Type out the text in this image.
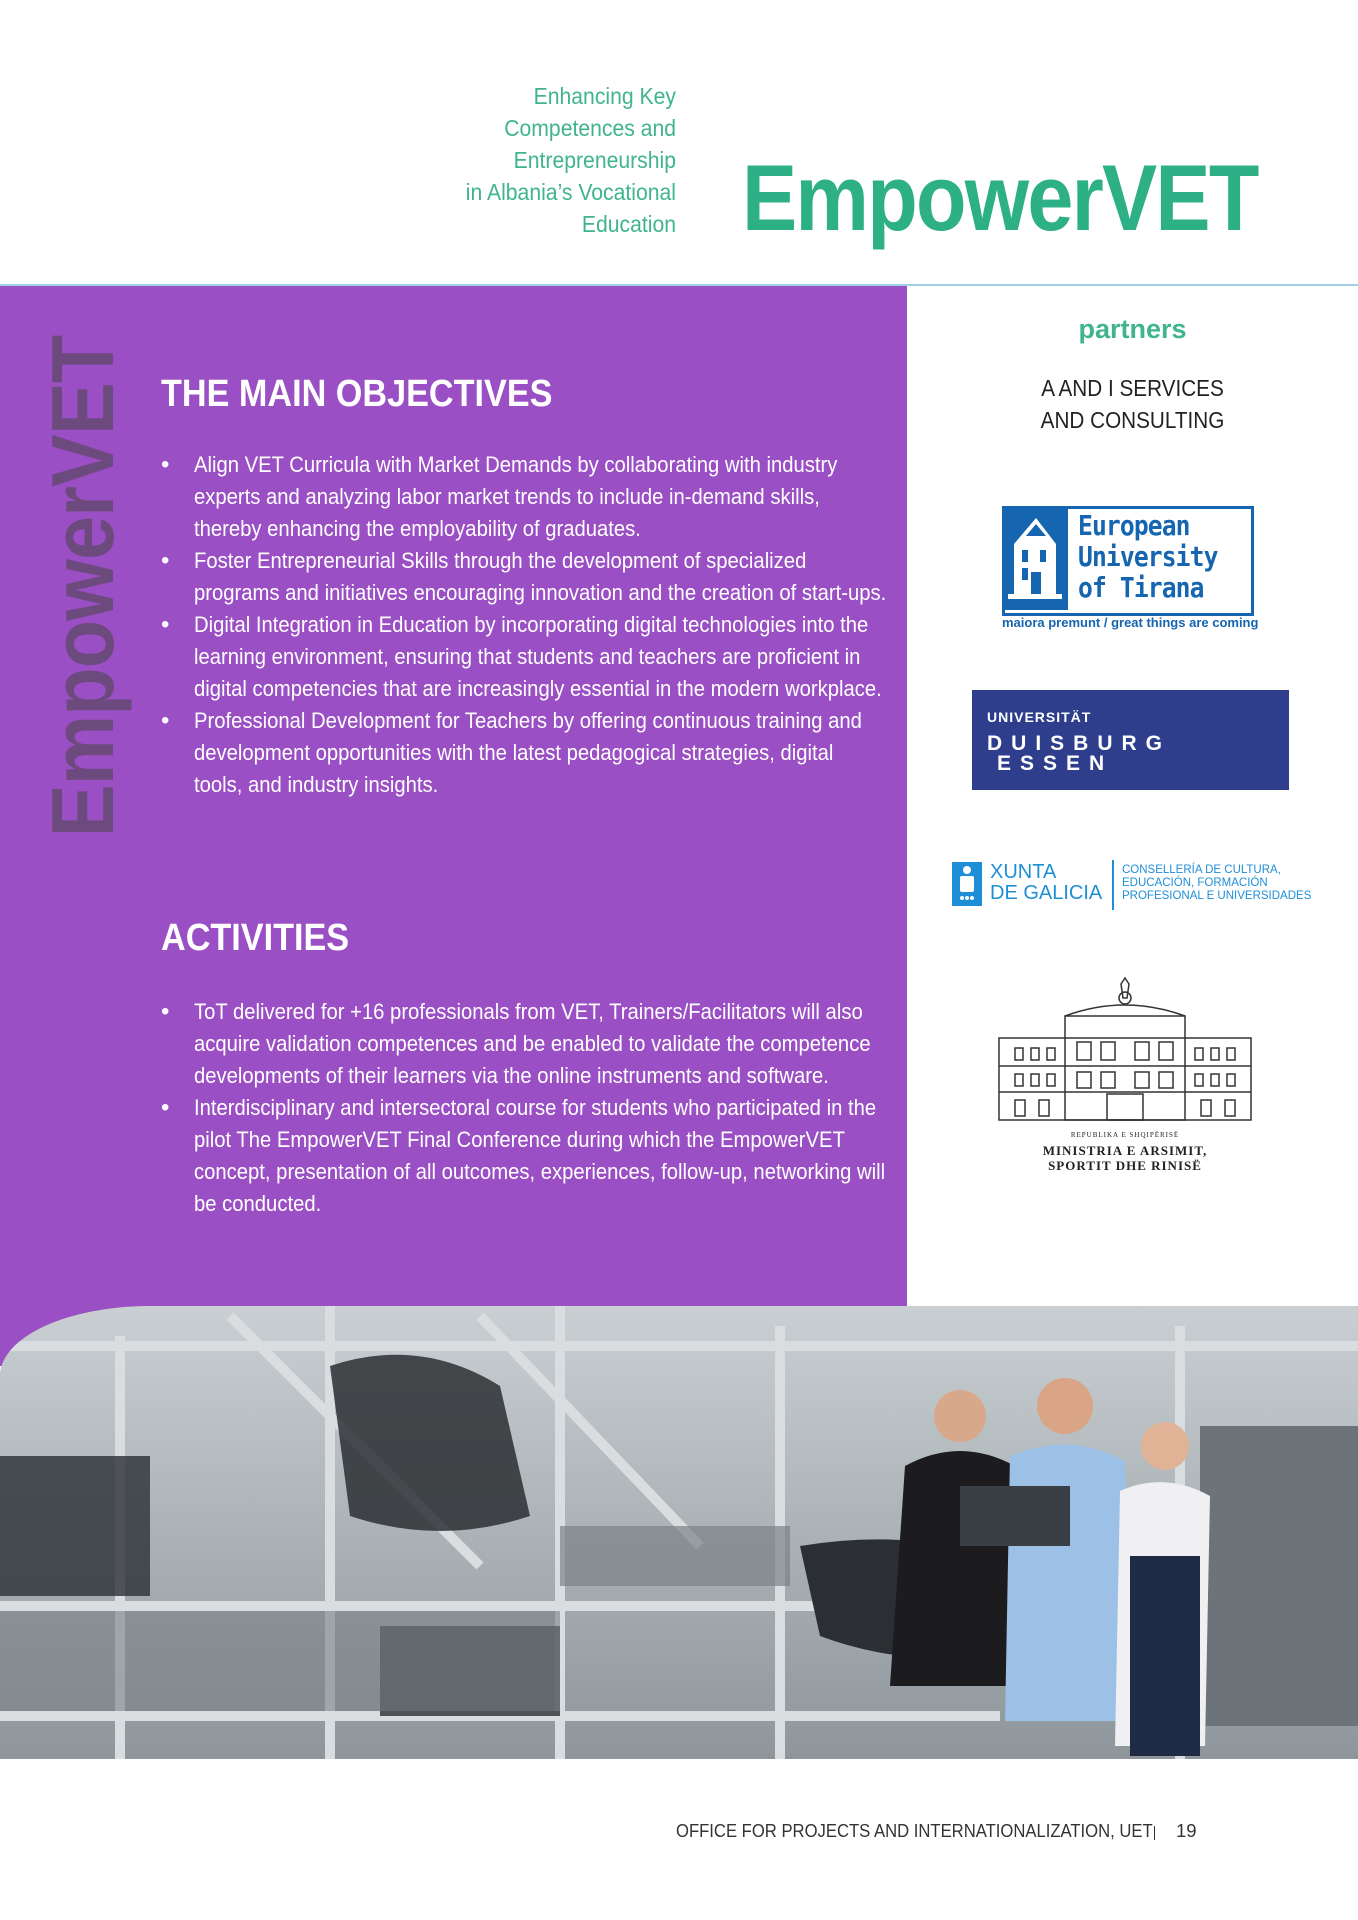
Enhancing Key
Competences and
Entrepreneurship
in Albania’s Vocational
Education EmpowerVET
EmpowerVET THE MAIN OBJECTIVES
• Align VET Curricula with Market Demands by collaborating with industry experts and analyzing labor market trends to include in-demand skills, thereby enhancing the employability of graduates.
• Foster Entrepreneurial Skills through the development of specialized programs and initiatives encouraging innovation and the creation of start-ups.
• Digital Integration in Education by incorporating digital technologies into the learning environment, ensuring that students and teachers are proficient in digital competencies that are increasingly essential in the modern workplace.
• Professional Development for Teachers by offering continuous training and development opportunities with the latest pedagogical strategies, digital tools, and industry insights.
ACTIVITIES
• ToT delivered for +16 professionals from VET, Trainers/Facilitators will also acquire validation competences and be enabled to validate the competence developments of their learners via the online instruments and software.
• Interdisciplinary and intersectoral course for students who participated in the pilot The EmpowerVET Final Conference during which the EmpowerVET concept, presentation of all outcomes, experiences, follow-up, networking will be conducted.
partners
A AND I SERVICES
AND CONSULTING
European
University
of Tirana
maiora premunt / great things are coming
UNIVERSITÄT
DUISBURG
ESSEN
XUNTA
DE GALICIA
CONSELLERÍA DE CULTURA,
EDUCACIÓN, FORMACIÓN
PROFESIONAL E UNIVERSIDADES
REPUBLIKA E SHQIPËRISË
MINISTRIA E ARSIMIT,
SPORTIT DHE RINISË
OFFICE FOR PROJECTS AND INTERNATIONALIZATION, UET	19
